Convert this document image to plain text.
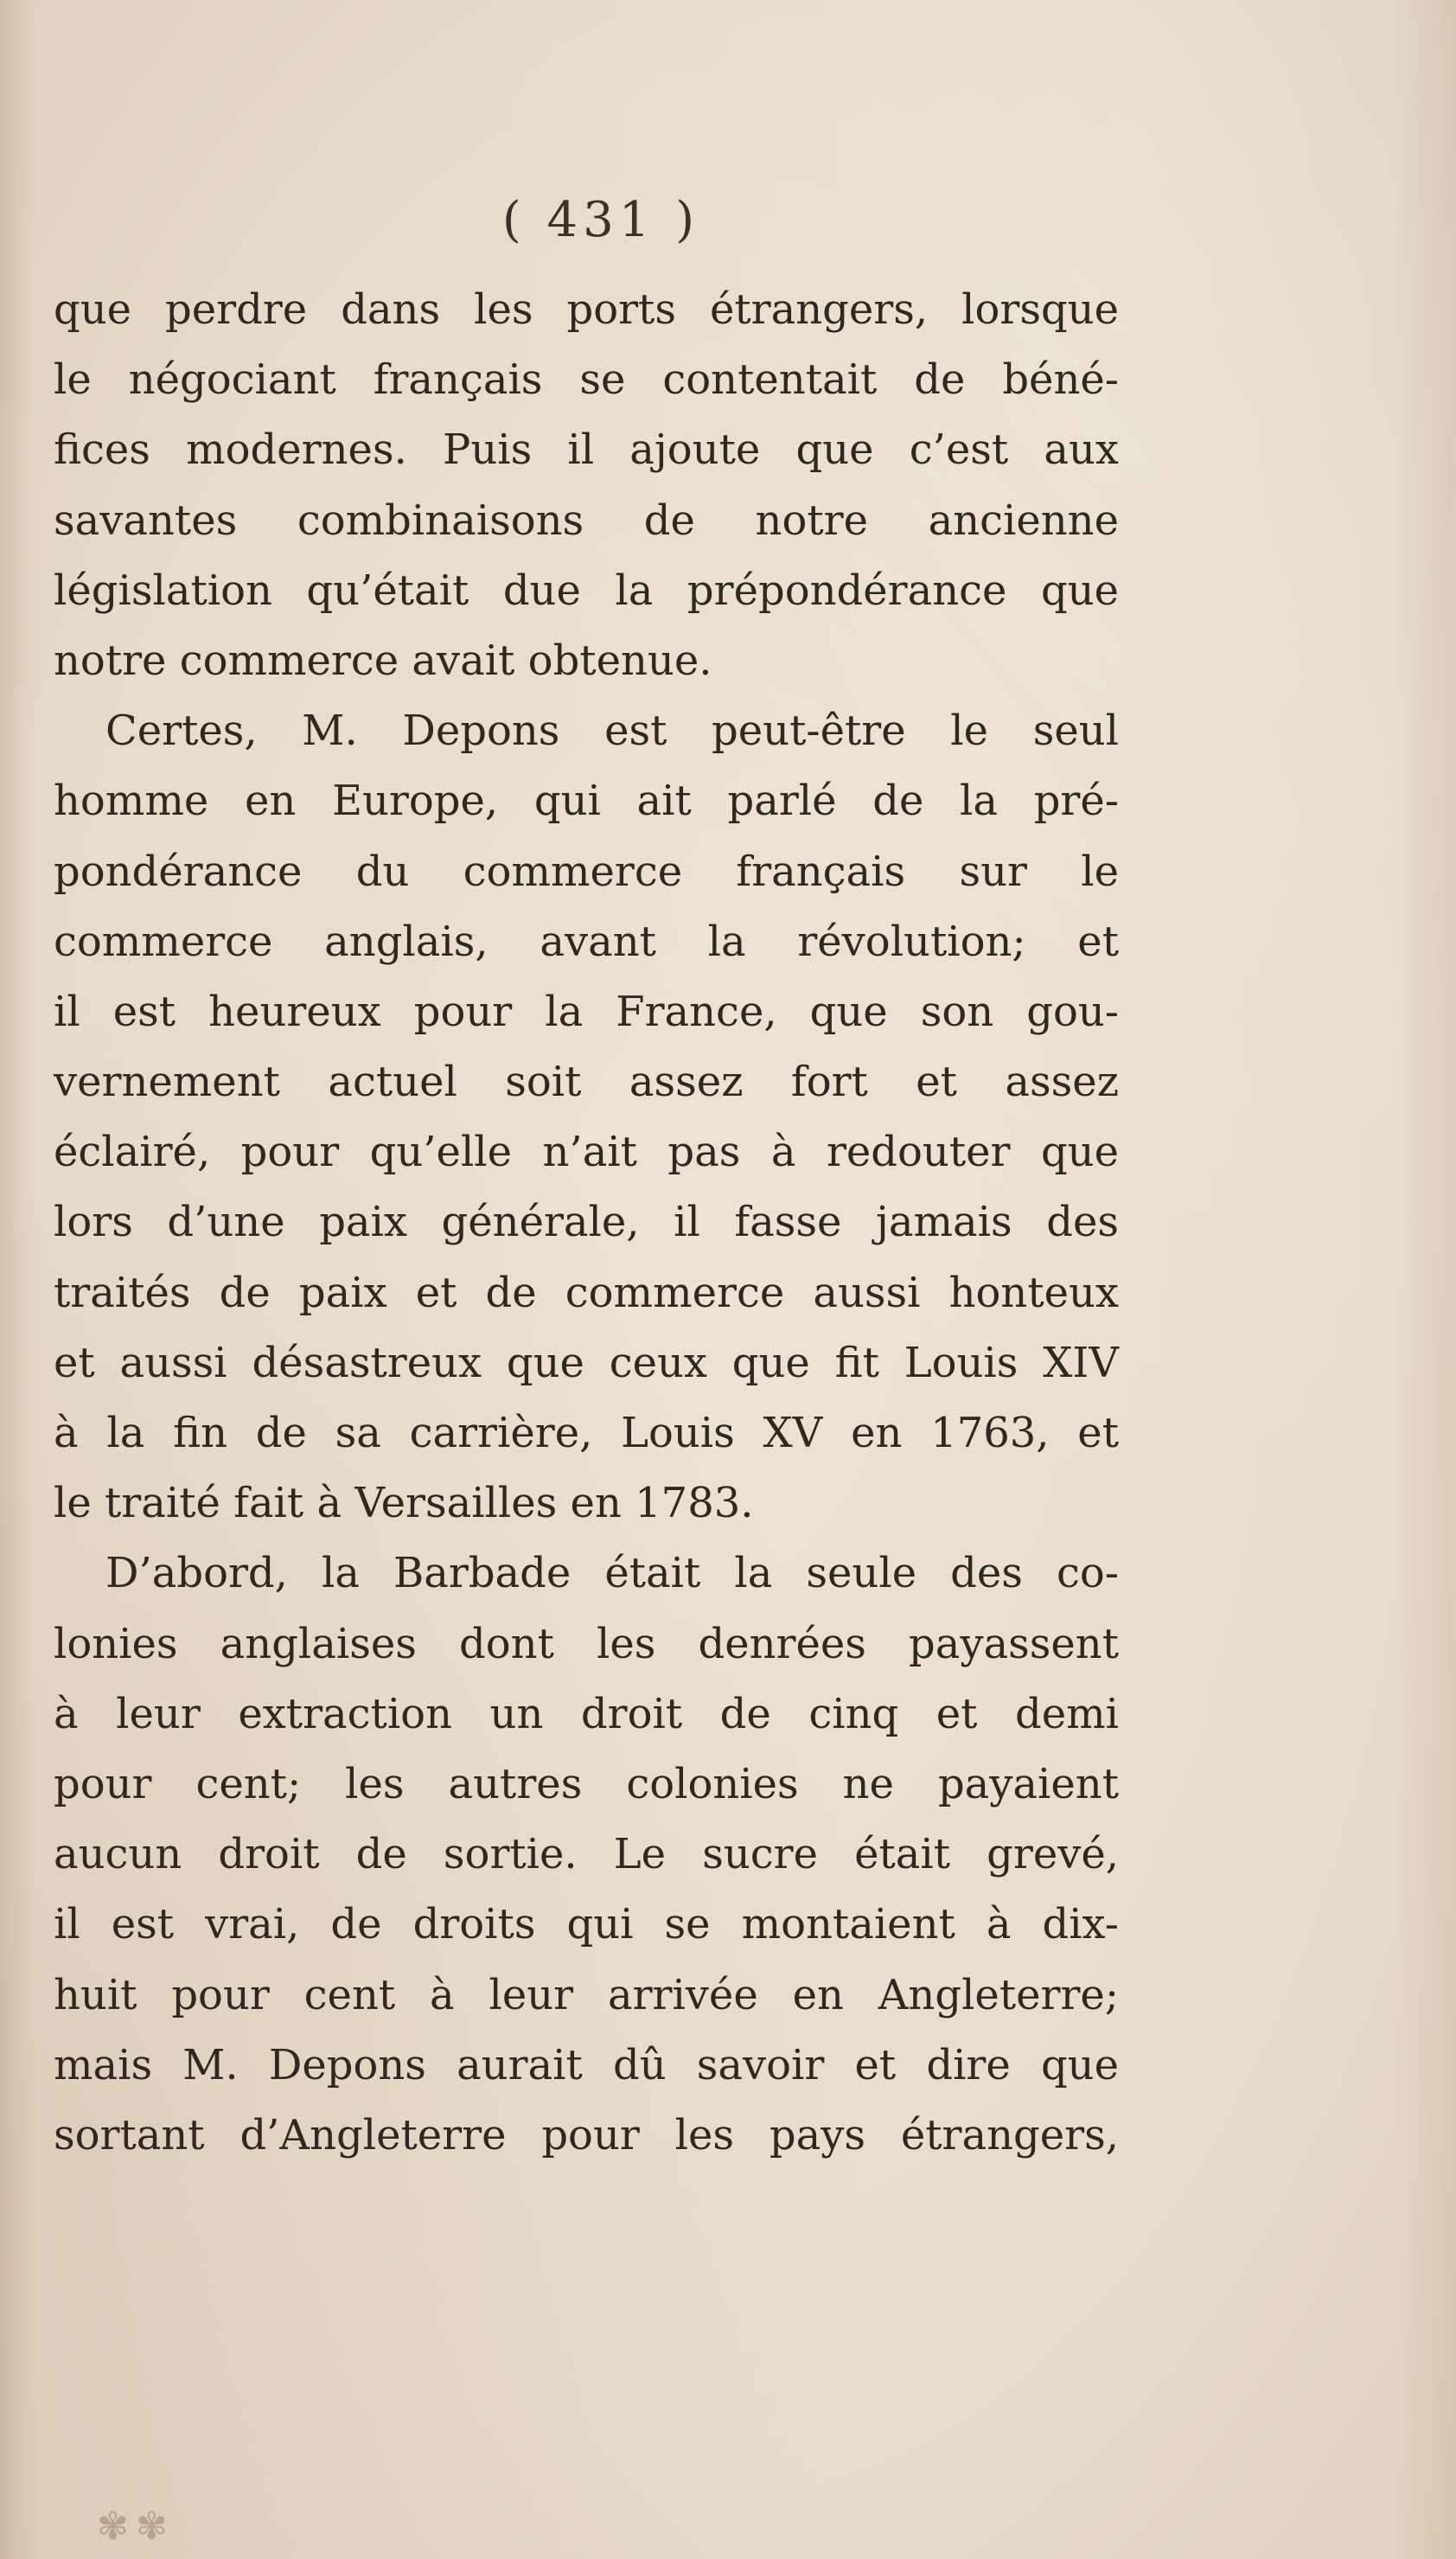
( 431 )
que perdre dans les ports étrangers, lorsque
le négociant français se contentait de béné-
fices modernes. Puis il ajoute que c’est aux
savantes combinaisons de notre ancienne
législation qu’était due la prépondérance que
notre commerce avait obtenue.
Certes, M. Depons est peut-être le seul
homme en Europe, qui ait parlé de la pré-
pondérance du commerce français sur le
commerce anglais, avant la révolution; et
il est heureux pour la France, que son gou-
vernement actuel soit assez fort et assez
éclairé, pour qu’elle n’ait pas à redouter que
lors d’une paix générale, il fasse jamais des
traités de paix et de commerce aussi honteux
et aussi désastreux que ceux que fit Louis XIV
à la fin de sa carrière, Louis XV en 1763, et
le traité fait à Versailles en 1783.
D’abord, la Barbade était la seule des co-
lonies anglaises dont les denrées payassent
à leur extraction un droit de cinq et demi
pour cent; les autres colonies ne payaient
aucun droit de sortie. Le sucre était grevé,
il est vrai, de droits qui se montaient à dix-
huit pour cent à leur arrivée en Angleterre;
mais M. Depons aurait dû savoir et dire que
sortant d’Angleterre pour les pays étrangers,
✾✾
